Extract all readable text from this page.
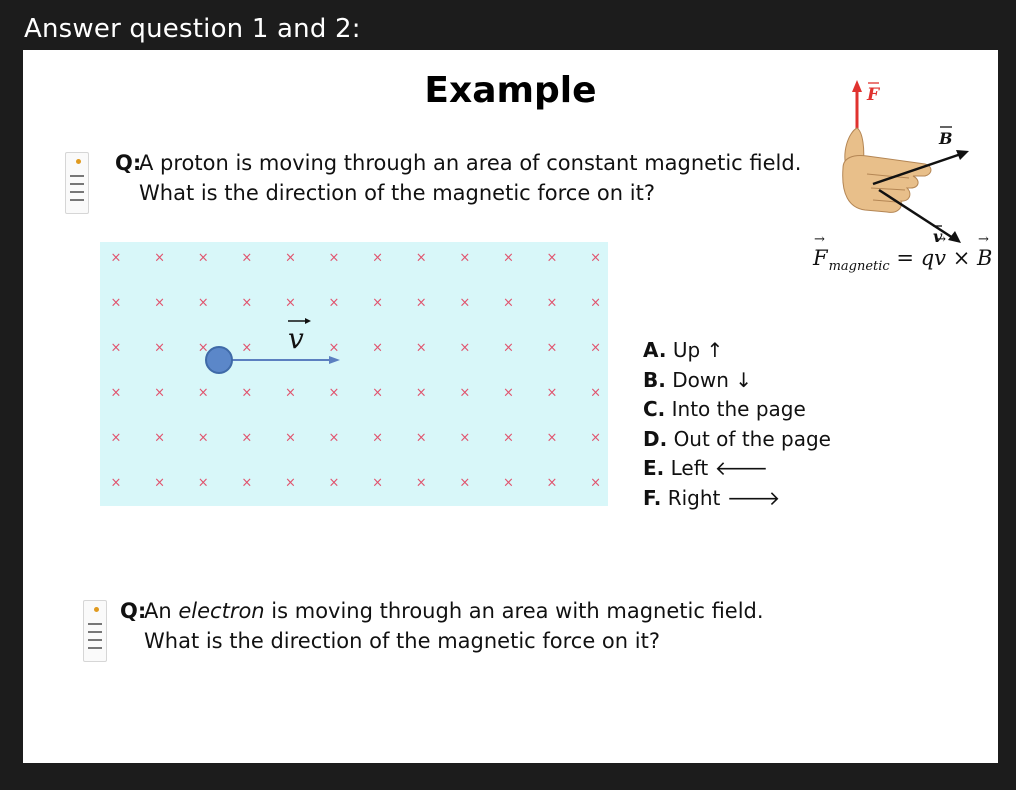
Answer question 1 and 2:
Example
Q:
A proton is moving through an area of constant magnetic field.
What is the direction of the magnetic force on it?
×	×	×	×	×	×	×	×	×	×	×	×
×	×	×	×	×	×	×	×	×	×	×	×
×	×	×	×	×	×	×	×	×	×	×
×	×	×	×	×	×	×	×	×	×	×	×
×	×	×	×	×	×	×	×	×	×	×	×
×	×	×	×	×	×	×	×	×	×	×	×
v	A. Up ↑
B. Down ↓
C. Into the page
D. Out of the page
E. Left 🡐
F. Right 🡒
F
B
v
→ $F_{magnetic} = q\to v$ × → B
Q:
An electron is moving through an area with magnetic field.
What is the direction of the magnetic force on it?
